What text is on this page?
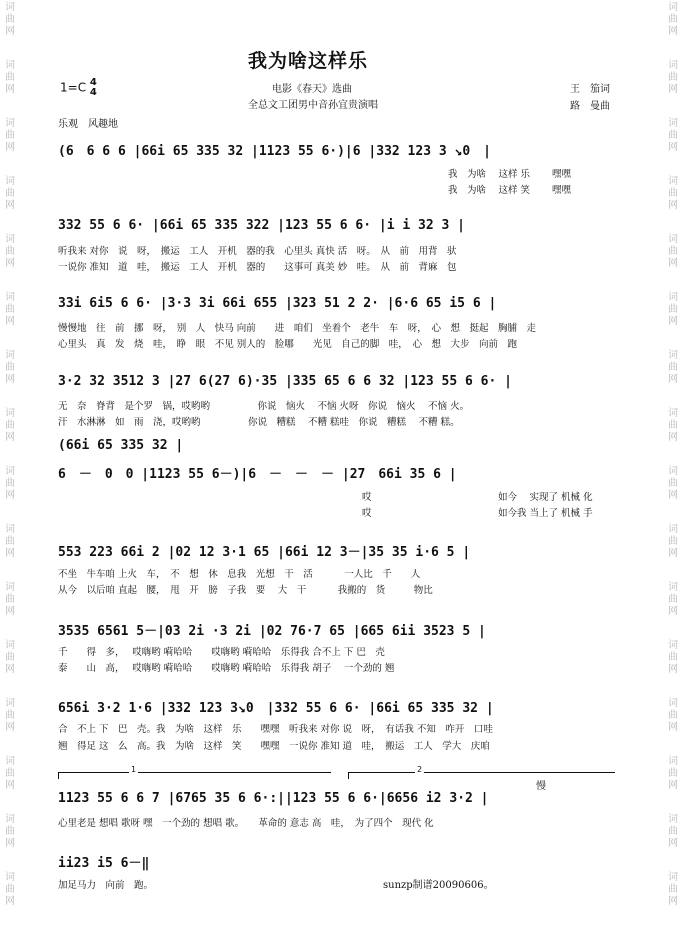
词
曲
网
词
曲
网
词
曲
网
词
曲
网
词
曲
网
词
曲
网
词
曲
网
词
曲
网
词
曲
网
词
曲
网
词
曲
网
词
曲
网
词
曲
网
词
曲
网
词
曲
网
词
曲
网
词
曲
网
词
曲
网
词
曲
网
词
曲
网
词
曲
网
词
曲
网
词
曲
网
词
曲
网
词
曲
网
词
曲
网
词
曲
网
词
曲
网
词
曲
网
词
曲
网
词
曲
网
词
曲
网
我为啥这样乐
1=C 4
4	电影《春天》选曲
全总文工团男中音孙宜贵演唱
王　笳词
路　曼曲
乐观　风趣地
(6　6 6 6 |66i 65 335 32 |1123 55 6·)|6 |332 123 3 ↘0　|
我　为啥　 这样 乐　　 嘿嘿
我　为啥　 这样 笑　　 嘿嘿
332 55 6 6· |66i 65 335 322 |123 55 6 6· |i i 32 3 |
听我来 对你　说　呀，　搬运　工人　开机　器的我　心里头 真快 活　呀。　从　前　用背　驮
一说你 准知　道　哇，　搬运　工人　开机　器的　　这事可 真美 妙　哇。　从　前　背麻　包
33i 6i5 6 6· |3·3 3i 66i 655 |323 51 2 2· |6·6 65 i5 6 |
慢慢地　往　前　挪　呀，　别　人　快马 向前　　进　咱们　坐着个　老牛　车　呀，　心　想　挺起　胸脯　走
心里头　真　发　烧　哇，　睁　眼　不见 别人的　脸哪　　光见　自己的脚　哇，　心　想　大步　向前　跑
3·2 32 3512 3 |27 6(27 6)·35 |335 65 6 6 32 |123 55 6 6· |
无　奈　脊背　是个罗　锅，哎哟哟　　　　　你说　恼火　 不恼 火呀　你说　恼火　 不恼 火。
汗　水淋淋　如　雨　浇，哎哟哟　　　　　你说　糟糕　 不糟 糕哇　你说　糟糕　 不糟 糕。
(66i 65 335 32 |
6　－　0　0 |1123 55 6－)|6　－　－　－ |27　66i 35 6 |
哎　　　　　　　　　　　　　 如今　 实现了 机械 化
哎　　　　　　　　　　　　　 如今我 当上了 机械 手
553 223 66i 2 |02 12 3·1 65 |66i 12 3－|35 35 i·6 5 |
不坐　牛车咱 上火　车，　不　想　休　息我　光想　干　活　　　 一人比　千　　人
从今　以后咱 直起　腰，　甩　开　膀　子我　要　 大　干　　　 我搬的　货　　　物比
3535 6561 5－|03 2i ·3 2i |02 76·7 65 |665 6ii 3523 5 |
千　　得　多，　 哎嗨哟 嗬哈哈　　哎嗨哟 嗬哈哈　乐得我 合不上 下 巴　壳
泰　　山　高，　 哎嗨哟 嗬哈哈　　哎嗨哟 嗬哈哈　乐得我 胡子　 一个劲的 翘
656i 3·2 1·6 |332 123 3↘0　|332 55 6 6· |66i 65 335 32 |
合　不上 下　巴　壳。我　为啥　这样　乐　　嘿嘿　听我来 对你 说　呀，　有话我 不知　咋开　口哇
翘　得足 这　么　高。我　为啥　这样　笑　　嘿嘿　一说你 准知 道　哇，　搬运　工人　学大　庆咱
1	2
慢
1123 55 6 6 7 |6765 35 6 6·:||123 55 6 6·|6656 i2 3·2 |
心里老是 想唱 歌呀 嘿　一个劲的 想唱 歌。　　革命的 意志 高　哇，　为了四个　现代 化
ii23 i5 6－‖
加足马力　向前　跑。	sunzp制谱20090606。
